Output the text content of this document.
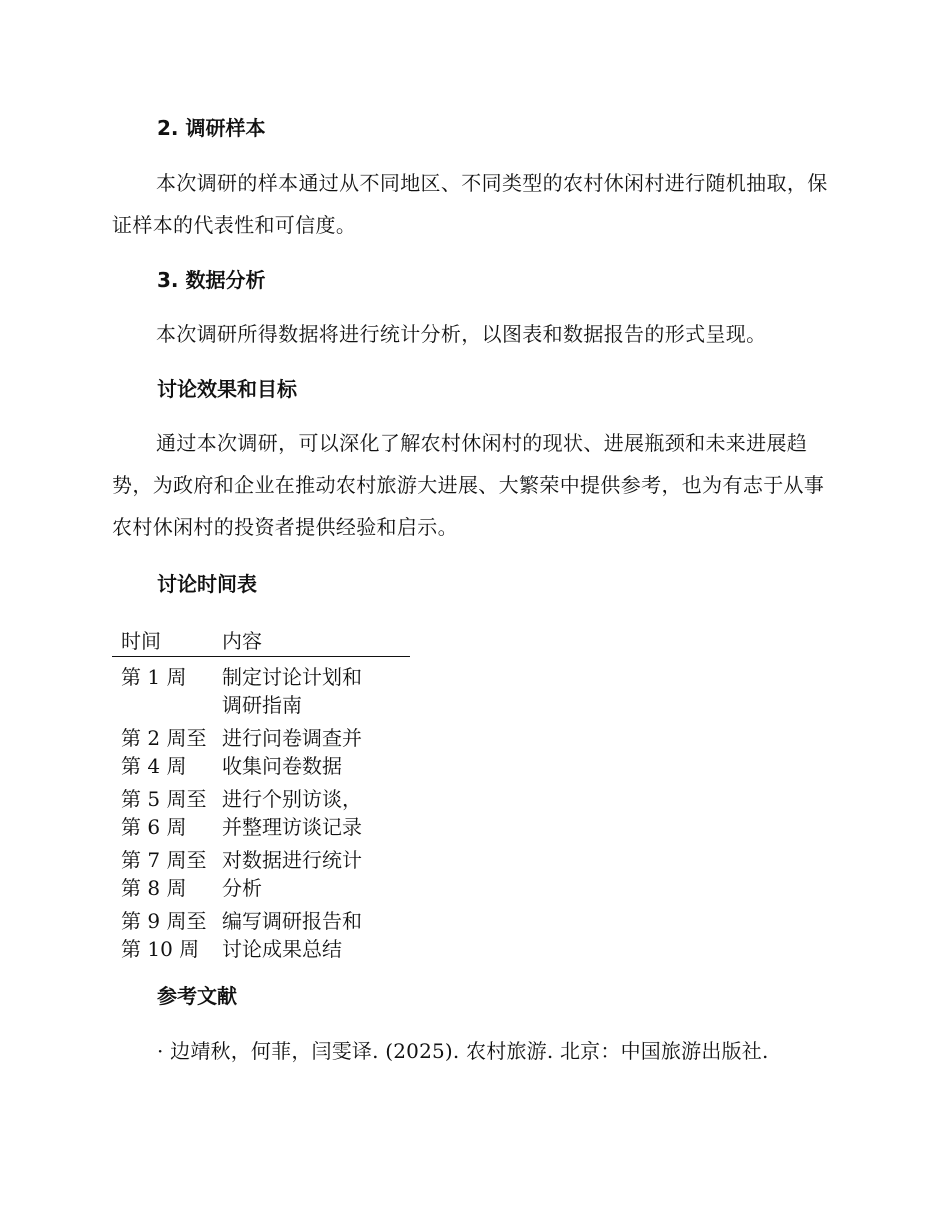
2. 调研样本

本次调研的样本通过从不同地区、不同类型的农村休闲村进行随机抽取，保证样本的代表性和可信度。

3. 数据分析

本次调研所得数据将进行统计分析，以图表和数据报告的形式呈现。

讨论效果和目标

通过本次调研，可以深化了解农村休闲村的现状、进展瓶颈和未来进展趋势，为政府和企业在推动农村旅游大进展、大繁荣中提供参考，也为有志于从事农村休闲村的投资者提供经验和启示。

讨论时间表
时间	内容
第 1 周	制定讨论计划和
调研指南
第 2 周至
第 4 周
进行问卷调查并
收集问卷数据
第 5 周至
第 6 周
进行个别访谈，
并整理访谈记录
第 7 周至
第 8 周
对数据进行统计
分析
第 9 周至
第 10 周
编写调研报告和
讨论成果总结
参考文献
· 边靖秋，何菲，闫雯译. (2025). 农村旅游. 北京：中国旅游出版社.
